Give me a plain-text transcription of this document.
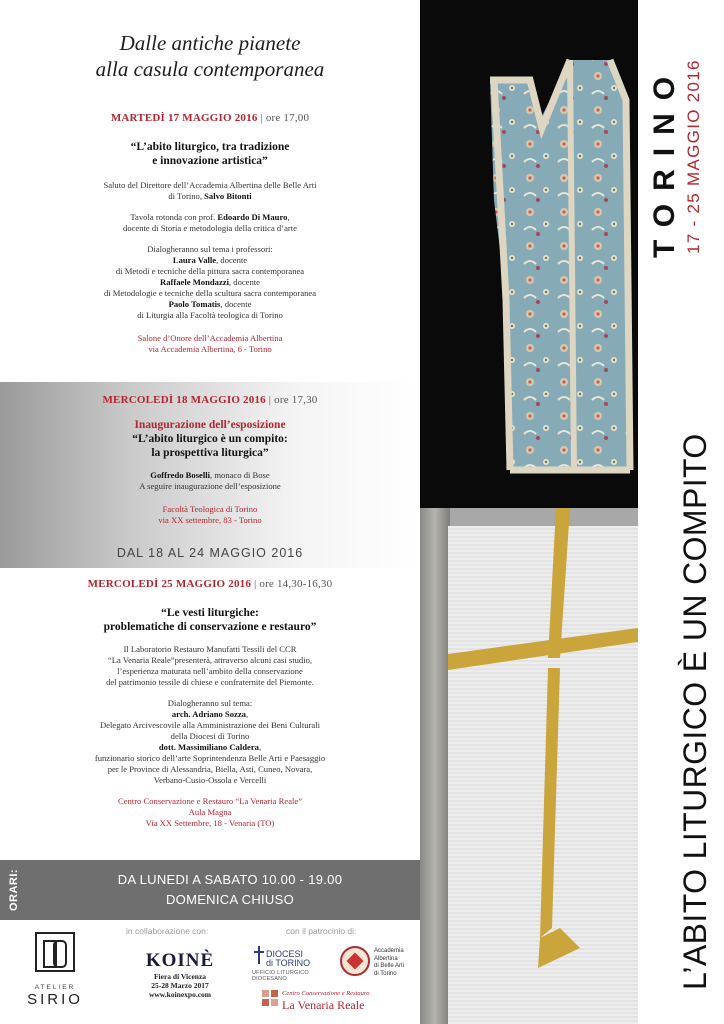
Dalle antiche pianete
alla casula contemporanea
MARTEDÌ 17 MAGGIO 2016 | ore 17,00
“L’abito liturgico, tra tradizione
e innovazione artistica”
Saluto del Direttore dell’Accademia Albertina delle Belle Arti
di Torino, Salvo Bitonti
Tavola rotonda con prof. Edoardo Di Mauro,
docente di Storia e metodologia della critica d’arte
Dialogheranno sul tema i professori:
Laura Valle, docente
di Metodi e tecniche della pittura sacra contemporanea
Raffaele Mondazzi, docente
di Metodologie e tecniche della scultura sacra contemporanea
Paolo Tomatis, docente
di Liturgia alla Facoltà teologica di Torino
Salone d’Onore dell’Accademia Albertina
via Accademia Albertina, 6 - Torino
MERCOLEDÌ 18 MAGGIO 2016 | ore 17,30
Inaugurazione dell’esposizione
“L’abito liturgico è un compito:
la prospettiva liturgica”
Goffredo Boselli, monaco di Bose
A seguire inaugurazione dell’esposizione
Facoltà Teologica di Torino
via XX settembre, 83 - Torino
DAL 18 AL 24 MAGGIO 2016
MERCOLEDÌ 25 MAGGIO 2016 | ore 14,30-16,30
“Le vesti liturgiche:
problematiche di conservazione e restauro”
Il Laboratorio Restauro Manufatti Tessili del CCR
“La Venaria Reale”presenterà, attraverso alcuni casi studio,
l’esperienza maturata nell’ambito della conservazione
del patrimonio tessile di chiese e confraternite del Piemonte.
Dialogheranno sul tema:
arch. Adriano Sozza,
Delegato Arcivescovile alla Amministrazione dei Beni Culturali
della Diocesi di Torino
dott. Massimiliano Caldera,
funzionario storico dell’arte Soprintendenza Belle Arti e Paesaggio
per le Province di Alessandria, Biella, Asti, Cuneo, Novara,
Verbano-Cusio-Ossola e Vercelli
Centro Conservazione e Restauro “La Venaria Reale”
Aula Magna
Via XX Settembre, 18 - Venaria (TO)
ORARI:	DA LUNEDI A SABATO 10.00 - 19.00
DOMENICA CHIUSO
in collaborazione con:	con il patrocinio di:
ATELIER
SIRIO
KOINÈ
Fiera di Vicenza
25-28 Marzo 2017
www.koinexpo.com
DIOCESI
di TORINO
UFFICIO LITURGICO DIOCESANO
Accademia
Albertina
di Belle Arti
di Torino
Centro Conservazione e Restauro
La Venaria Reale
TORINO 17 - 25 MAGGIO 2016
L’ABITO LITURGICO È UN COMPITO
